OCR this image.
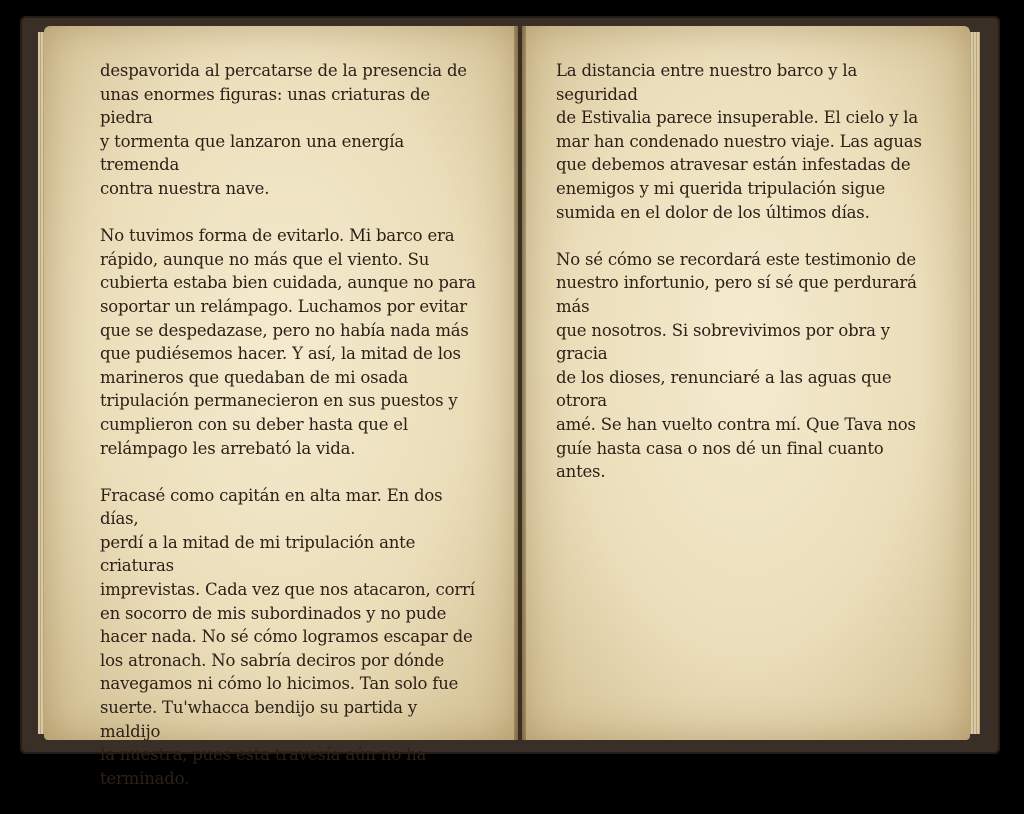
despavorida al percatarse de la presencia de
unas enormes figuras: unas criaturas de piedra
y tormenta que lanzaron una energía tremenda
contra nuestra nave.

No tuvimos forma de evitarlo. Mi barco era
rápido, aunque no más que el viento. Su
cubierta estaba bien cuidada, aunque no para
soportar un relámpago. Luchamos por evitar
que se despedazase, pero no había nada más
que pudiésemos hacer. Y así, la mitad de los
marineros que quedaban de mi osada
tripulación permanecieron en sus puestos y
cumplieron con su deber hasta que el
relámpago les arrebató la vida.

Fracasé como capitán en alta mar. En dos días,
perdí a la mitad de mi tripulación ante criaturas
imprevistas. Cada vez que nos atacaron, corrí
en socorro de mis subordinados y no pude
hacer nada. No sé cómo logramos escapar de
los atronach. No sabría deciros por dónde
navegamos ni cómo lo hicimos. Tan solo fue
suerte. Tu'whacca bendijo su partida y maldijo
la nuestra, pues esta travesía aún no ha
terminado.

La distancia entre nuestro barco y la seguridad
de Estivalia parece insuperable. El cielo y la
mar han condenado nuestro viaje. Las aguas
que debemos atravesar están infestadas de
enemigos y mi querida tripulación sigue
sumida en el dolor de los últimos días.

No sé cómo se recordará este testimonio de
nuestro infortunio, pero sí sé que perdurará más
que nosotros. Si sobrevivimos por obra y gracia
de los dioses, renunciaré a las aguas que otrora
amé. Se han vuelto contra mí. Que Tava nos
guíe hasta casa o nos dé un final cuanto antes.
